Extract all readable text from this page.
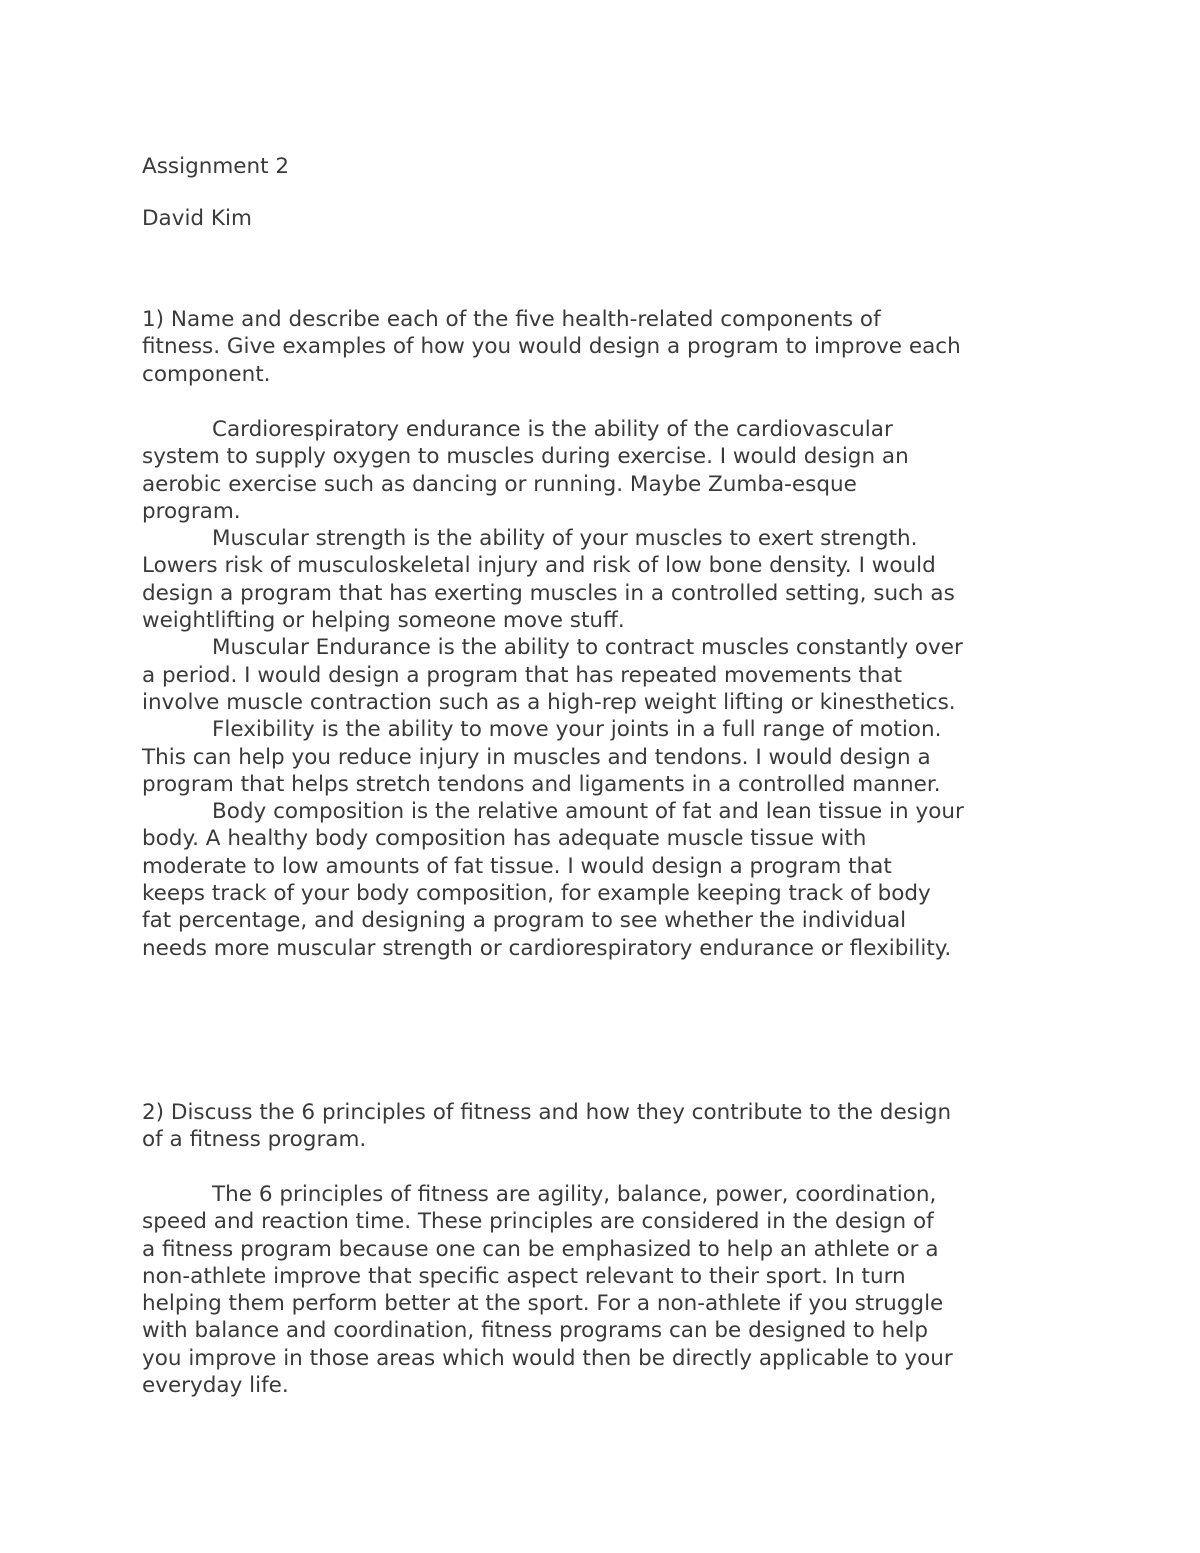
Assignment 2
David Kim
1) Name and describe each of the five health-related components of
fitness. Give examples of how you would design a program to improve each
component.

Cardiorespiratory endurance is the ability of the cardiovascular
system to supply oxygen to muscles during exercise. I would design an
aerobic exercise such as dancing or running. Maybe Zumba-esque
program.

Muscular strength is the ability of your muscles to exert strength.
Lowers risk of musculoskeletal injury and risk of low bone density. I would
design a program that has exerting muscles in a controlled setting, such as
weightlifting or helping someone move stuff.

Muscular Endurance is the ability to contract muscles constantly over
a period. I would design a program that has repeated movements that
involve muscle contraction such as a high-rep weight lifting or kinesthetics.

Flexibility is the ability to move your joints in a full range of motion.
This can help you reduce injury in muscles and tendons. I would design a
program that helps stretch tendons and ligaments in a controlled manner.

Body composition is the relative amount of fat and lean tissue in your
body. A healthy body composition has adequate muscle tissue with
moderate to low amounts of fat tissue. I would design a program that
keeps track of your body composition, for example keeping track of body
fat percentage, and designing a program to see whether the individual
needs more muscular strength or cardiorespiratory endurance or flexibility.

2) Discuss the 6 principles of fitness and how they contribute to the design
of a fitness program.

The 6 principles of fitness are agility, balance, power, coordination,
speed and reaction time. These principles are considered in the design of
a fitness program because one can be emphasized to help an athlete or a
non-athlete improve that specific aspect relevant to their sport. In turn
helping them perform better at the sport. For a non-athlete if you struggle
with balance and coordination, fitness programs can be designed to help
you improve in those areas which would then be directly applicable to your
everyday life.
